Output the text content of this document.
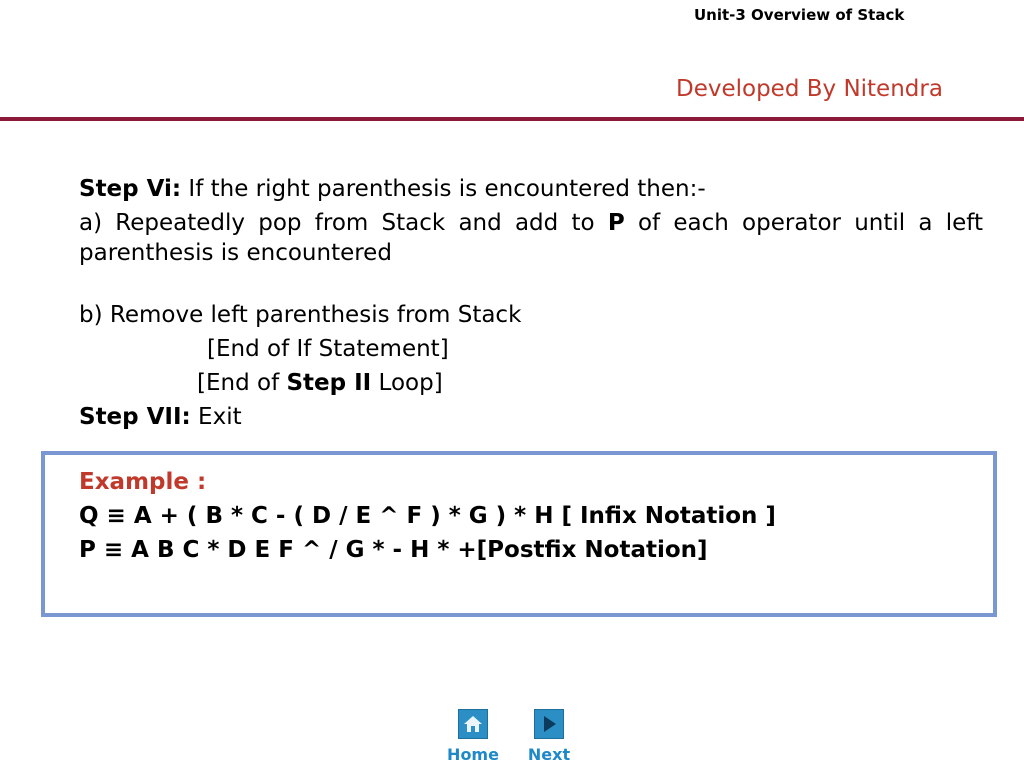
Unit-3 Overview of Stack
Developed By Nitendra
Step Vi: If the right parenthesis is encountered then:-
a) Repeatedly pop from Stack and add to P of each operator until a left parenthesis is encountered
b) Remove left parenthesis from Stack
[End of If Statement]
[End of Step II Loop]
Step VII: Exit
Example :
Q ≡ A + ( B * C - ( D / E ^ F ) * G ) * H [ Infix Notation ]
P ≡ A B C * D E F ^ / G * - H * +[Postfix Notation]
Home	Next
